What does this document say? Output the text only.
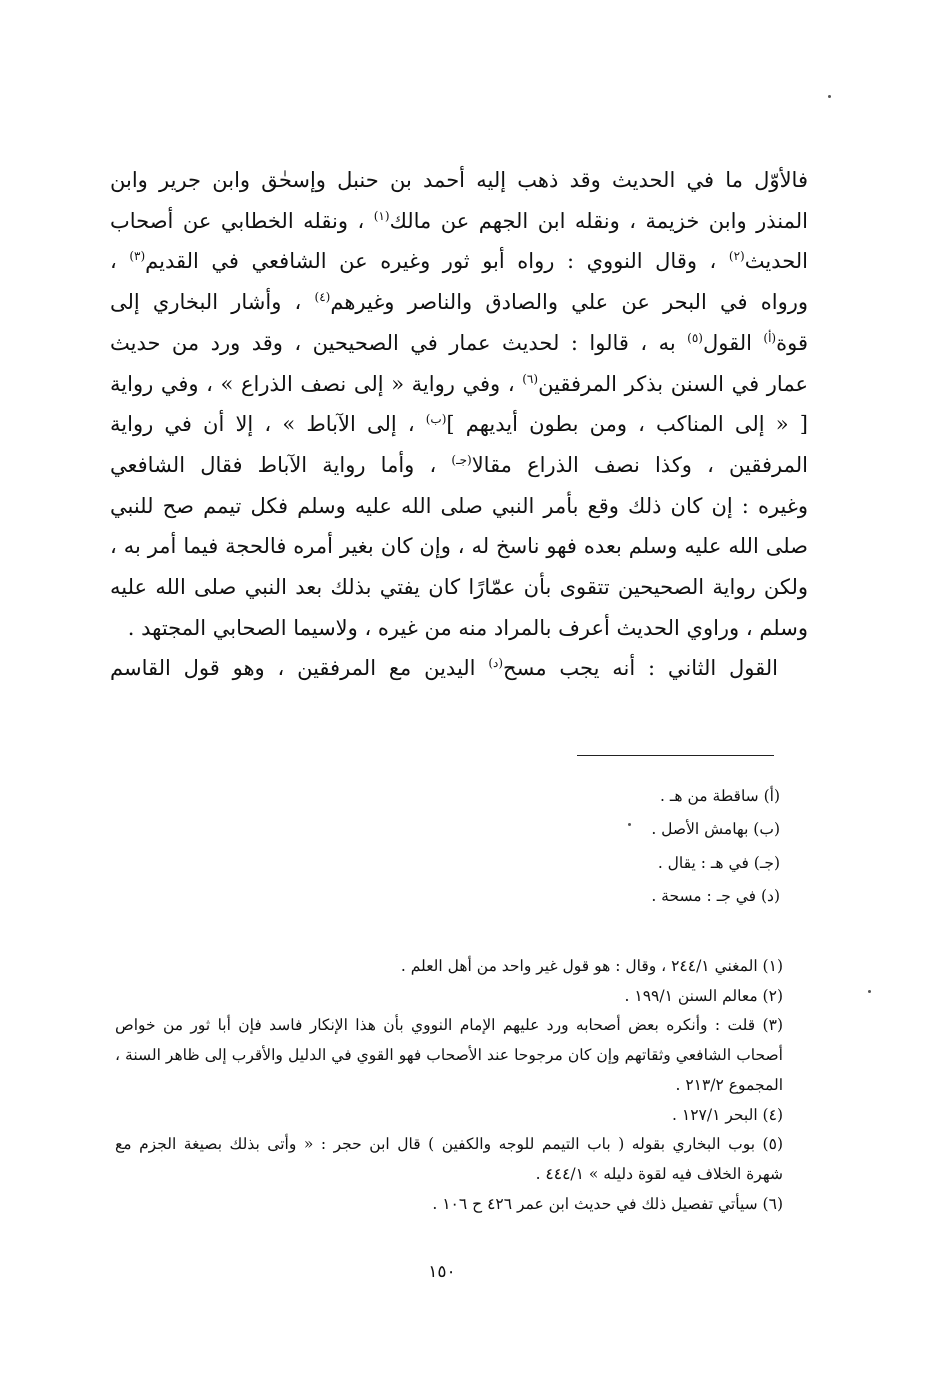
فالأوّل ما في الحديث وقد ذهب إليه أحمد بن حنبل وإسحٰق وابن جرير وابن

المنذر وابن خزيمة ، ونقله ابن الجهم عن مالك$^{(١)}$ ، ونقله الخطابي عن أصحاب

الحديث$^{(٢)}$ ، وقال النووي : رواه أبو ثور وغيره عن الشافعي في القديم$^{(٣)}$ ،

ورواه في البحر عن علي والصادق والناصر وغيرهم$^{(٤)}$ ، وأشار البخاري إلى

قوة$^{(أ)}$ القول$^{(٥)}$ به ، قالوا : لحديث عمار في الصحيحين ، وقد ورد من حديث

عمار في السنن بذكر المرفقين$^{(٦)}$ ، وفي رواية « إلى نصف الذراع » ، وفي رواية

[ « إلى المناكب ، ومن بطون أيديهم ]$^{(ب)}$ ، إلى الآباط » ، إلا أن في رواية

المرفقين ، وكذا نصف الذراع مقالا$^{(جـ)}$ ، وأما رواية الآباط فقال الشافعي

وغيره : إن كان ذلك وقع بأمر النبي صلى الله عليه وسلم فكل تيمم صح للنبي

صلى الله عليه وسلم بعده فهو ناسخ له ، وإن كان بغير أمره فالحجة فيما أمر به ،

ولكن رواية الصحيحين تتقوى بأن عمّارًا كان يفتي بذلك بعد النبي صلى الله عليه

وسلم ، وراوي الحديث أعرف بالمراد منه من غيره ، ولاسيما الصحابي المجتهد .

القول الثاني : أنه يجب مسح$^{(د)}$ اليدين مع المرفقين ، وهو قول القاسم

(أ) ساقطة من هـ .
(ب) بهامش الأصل .
(جـ) في هـ : يقال .
(د) في جـ : مسحة .
(١) المغني ٢٤٤/١ ، وقال : هو قول غير واحد من أهل العلم .
(٢) معالم السنن ١٩٩/١ .
(٣) قلت : وأنكره بعض أصحابه ورد عليهم الإمام النووي بأن هذا الإنكار فاسد فإن أبا ثور من خواص
أصحاب الشافعي وثقاتهم وإن كان مرجوحا عند الأصحاب فهو القوي في الدليل والأقرب إلى ظاهر السنة ،
المجموع ٢١٣/٢ .
(٤) البحر ١٢٧/١ .
(٥) بوب البخاري بقوله ( باب التيمم للوجه والكفين ) قال ابن حجر : « وأتى بذلك بصيغة الجزم مع
شهرة الخلاف فيه لقوة دليله » ٤٤٤/١ .
(٦) سيأتي تفصيل ذلك في حديث ابن عمر ٤٢٦ ح ١٠٦ .
١٥٠
